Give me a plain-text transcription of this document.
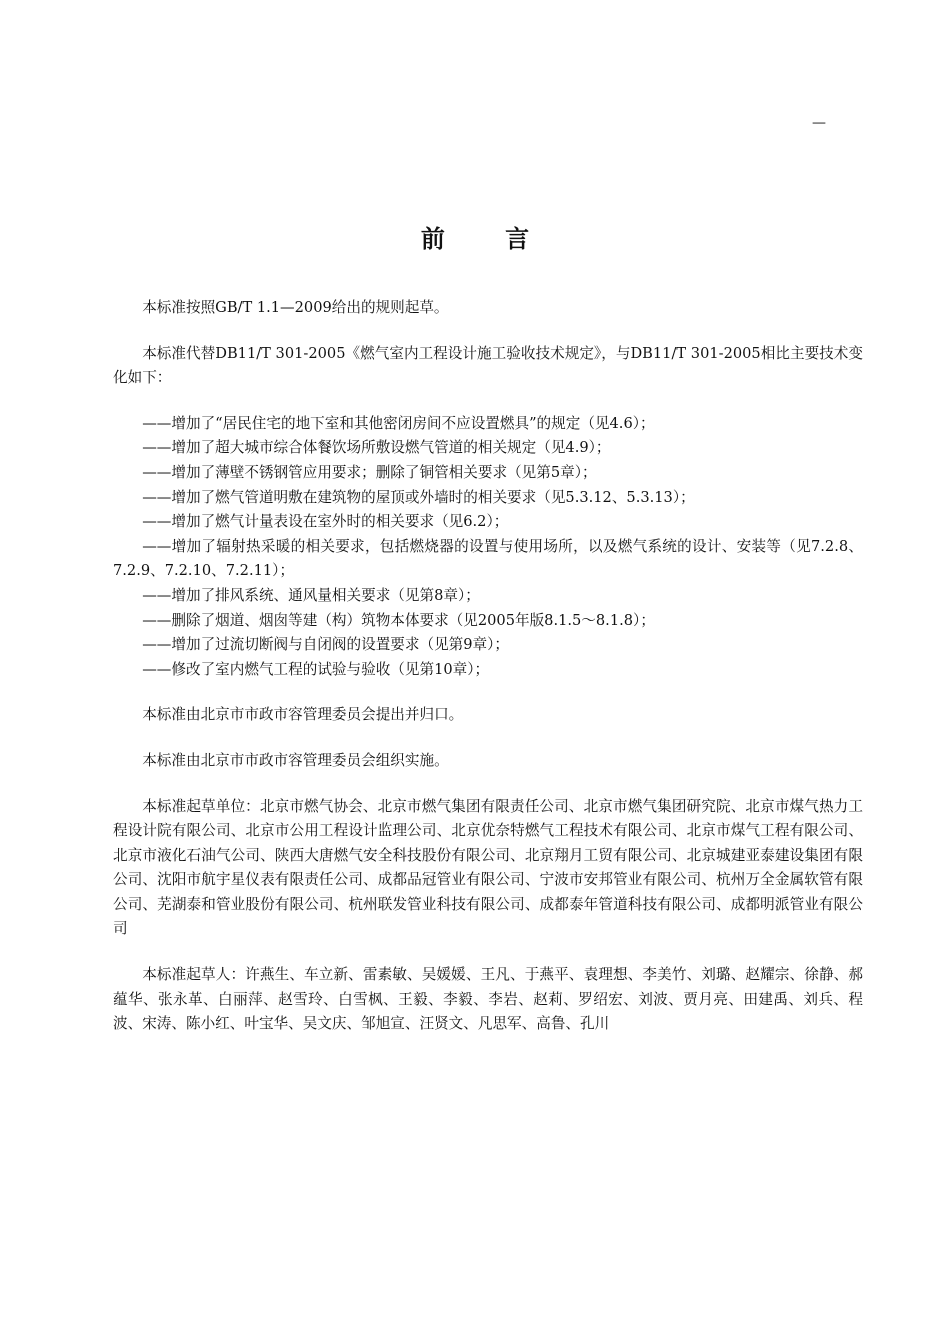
—
前 言

本标准按照GB/T 1.1—2009给出的规则起草。

本标准代替DB11/T 301-2005《燃气室内工程设计施工验收技术规定》，与DB11/T 301-2005相比主要技术变化如下：

——增加了“居民住宅的地下室和其他密闭房间不应设置燃具”的规定（见4.6）；
——增加了超大城市综合体餐饮场所敷设燃气管道的相关规定（见4.9）；
——增加了薄壁不锈钢管应用要求；删除了铜管相关要求（见第5章）；
——增加了燃气管道明敷在建筑物的屋顶或外墙时的相关要求（见5.3.12、5.3.13）；
——增加了燃气计量表设在室外时的相关要求（见6.2）；
——增加了辐射热采暖的相关要求，包括燃烧器的设置与使用场所，以及燃气系统的设计、安装等（见7.2.8、7.2.9、7.2.10、7.2.11）；
——增加了排风系统、通风量相关要求（见第8章）；
——删除了烟道、烟囱等建（构）筑物本体要求（见2005年版8.1.5～8.1.8）；
——增加了过流切断阀与自闭阀的设置要求（见第9章）；
——修改了室内燃气工程的试验与验收（见第10章）；

本标准由北京市市政市容管理委员会提出并归口。

本标准由北京市市政市容管理委员会组织实施。

本标准起草单位：北京市燃气协会、北京市燃气集团有限责任公司、北京市燃气集团研究院、北京市煤气热力工程设计院有限公司、北京市公用工程设计监理公司、北京优奈特燃气工程技术有限公司、北京市煤气工程有限公司、北京市液化石油气公司、陕西大唐燃气安全科技股份有限公司、北京翔月工贸有限公司、北京城建亚泰建设集团有限公司、沈阳市航宇星仪表有限责任公司、成都品冠管业有限公司、宁波市安邦管业有限公司、杭州万全金属软管有限公司、芜湖泰和管业股份有限公司、杭州联发管业科技有限公司、成都泰年管道科技有限公司、成都明派管业有限公司

本标准起草人：许燕生、车立新、雷素敏、吴媛媛、王凡、于燕平、袁理想、李美竹、刘璐、赵耀宗、徐静、郝蕴华、张永革、白丽萍、赵雪玲、白雪枫、王毅、李毅、李岩、赵莉、罗绍宏、刘波、贾月亮、田建禹、刘兵、程波、宋涛、陈小红、叶宝华、吴文庆、邹旭宣、汪贤文、凡思军、高鲁、孔川
